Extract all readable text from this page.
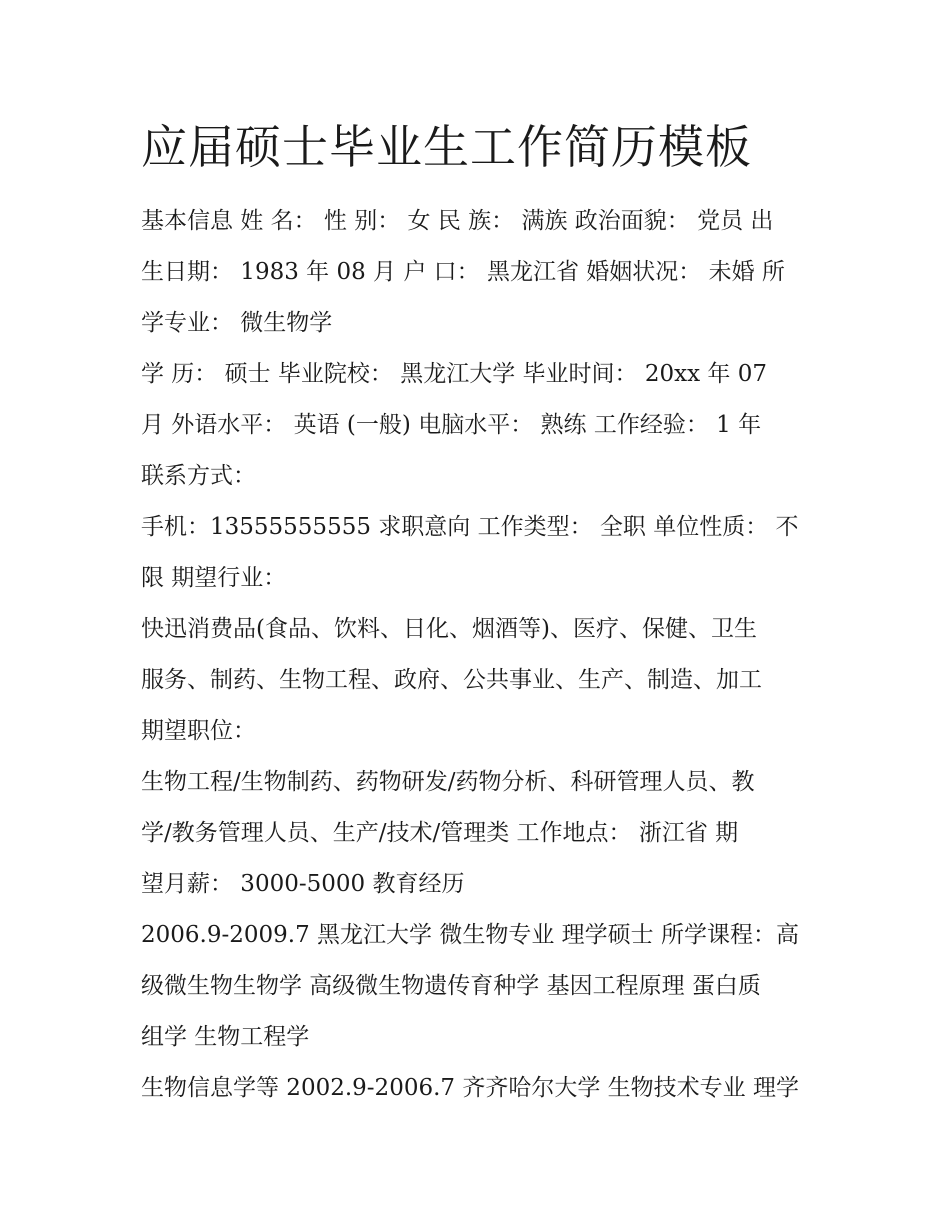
应届硕士毕业生工作简历模板
基本信息 姓 名： 性 别： 女 民 族： 满族 政治面貌： 党员 出
生日期： 1983 年 08 月 户 口： 黑龙江省 婚姻状况： 未婚 所
学专业： 微生物学
学 历： 硕士 毕业院校： 黑龙江大学 毕业时间： 20xx 年 07
月 外语水平： 英语 (一般) 电脑水平： 熟练 工作经验： 1 年
联系方式：
手机：13555555555 求职意向 工作类型： 全职 单位性质： 不
限 期望行业：
快迅消费品(食品、饮料、日化、烟酒等)、医疗、保健、卫生
服务、制药、生物工程、政府、公共事业、生产、制造、加工
期望职位：
生物工程/生物制药、药物研发/药物分析、科研管理人员、教
学/教务管理人员、生产/技术/管理类 工作地点： 浙江省 期
望月薪： 3000-5000 教育经历
2006.9-2009.7 黑龙江大学 微生物专业 理学硕士 所学课程：高
级微生物生物学 高级微生物遗传育种学 基因工程原理 蛋白质
组学 生物工程学
生物信息学等 2002.9-2006.7 齐齐哈尔大学 生物技术专业 理学
